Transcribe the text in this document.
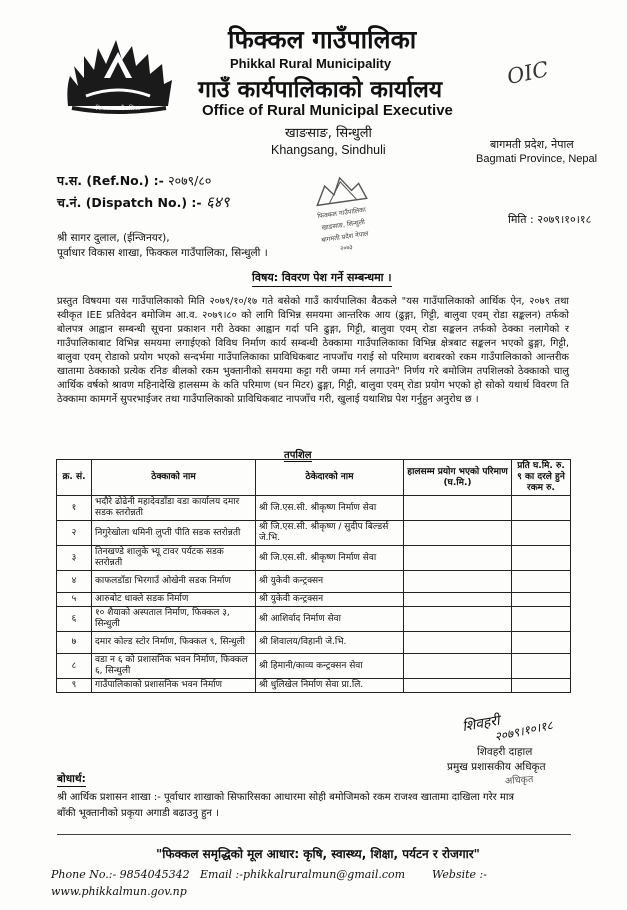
फिक्कल गाउँपालिका
फिक्कल गाउँपालिका
Phikkal Rural Municipality
गाउँ कार्यपालिकाको कार्यालय
Office of Rural Municipal Executive
खाङसाङ, सिन्धुली
Khangsang, Sindhuli	बागमती प्रदेश, नेपाल
Bagmati Province, Nepal
OIC
प.स. (Ref.No.) :- २०७९/८०
च.नं. (Dispatch No.) :- ६४९
फिक्कल गाउँपालिका
खाङसाङ, सिन्धुली
बागमती प्रदेश नेपाल
२०७३
मिति : २०७९।१०।१८
श्री सागर दुलाल, (ईन्जिनयर),
पूर्वाधार विकास शाखा, फिक्कल गाउँपालिका, सिन्धुली ।
विषय: विवरण पेश गर्ने सम्बन्धमा ।

प्रस्तुत विषयमा यस गाउँपालिकाको मिति २०७९/१०/१७ गते बसेको गाउँ कार्यपालिका बैठकले "यस गाउँपालिकाको आर्थिक ऐन, २०७९ तथा स्वीकृत IEE प्रतिवेदन बमोजिम आ.व. २०७९।८० को लागि विभिन्न समयमा आन्तरिक आय (ढुङ्गा, गिट्टी, बालुवा एवम् रोडा सङ्कलन) तर्फको बोलपत्र आह्वान सम्बन्धी सूचना प्रकाशन गरी ठेक्का आह्वान गर्दा पनि ढुङ्गा, गिट्टी, बालुवा एवम् रोडा सङ्कलन तर्फको ठेक्का नलागेको र गाउँपालिकाबाट विभिन्न समयमा लगाईएको विविध निर्माण कार्य सम्बन्धी ठेक्कामा गाउँपालिकाका विभिन्न क्षेत्रबाट सङ्कलन भएको ढुङ्गा, गिट्टी, बालुवा एवम् रोडाको प्रयोग भएको सन्दर्भमा गाउँपालिकाका प्राविधिकबाट नापजाँच गराई सो परिमाण बराबरको रकम गाउँपालिकाको आन्तरीक खातामा ठेक्काको प्रत्येक रनिङ बीलको रकम भुक्तानीको समयमा कट्टा गरी जम्मा गर्न लगाउने" निर्णय गरे बमोजिम तपशिलको ठेक्काको चालु आर्थिक वर्षको श्रावण महिनादेखि हालसम्म के कति परिमाण (घन मिटर) ढुङ्गा, गिट्टी, बालुवा एवम् रोडा प्रयोग भएको हो सोको यथार्थ विवरण ति ठेक्कामा कामगर्ने सुपरभाईजर तथा गाउँपालिकाको प्राविधिकबाट नापजाँच गरी, खुलाई यथाशिघ्र पेश गर्नुहुन अनुरोध छ ।

तपशिल
क्र. सं.	ठेक्काको नाम	ठेकेदारको नाम	हालसम्म प्रयोग भएको परिमाण (घ.मि.)	प्रति घ.मि. रु. ९ का दरले हुने रकम रु.
१	भदौरे ढोढेनी महादेवडाँडा वडा कार्यालय दमार सडक स्तरोन्नती	श्री जि.एस.सी. श्रीकृष्ण निर्माण सेवा		
२	निगुरेखोला धमिनी लुप्ती पीति सडक स्तरोन्नती	श्री जि.एस.सी. श्रीकृष्ण / सुदीप बिल्डर्स जे.भि.		
३	तिनखण्डे शालुके भ्यू टावर पर्यटक सडक स्तरोन्नती	श्री जि.एस.सी. श्रीकृष्ण निर्माण सेवा		
४	काफलडाँडा भिरगाउँ ओखेनी सडक निर्माण	श्री युकेवी कन्ट्रक्सन		
५	आरुबोट धाक्ले सडक निर्माण	श्री युकेवी कन्ट्रक्सन		
६	१० शैयाको अस्पताल निर्माण, फिक्कल ३, सिन्धुली	श्री आशिर्वाद निर्माण सेवा		
७	दमार कोल्ड स्टोर निर्माण, फिक्कल ९, सिन्धुली	श्री शिवालय/विहानी जे.भि.		
८	वडा न ६ को प्रशासनिक भवन निर्माण, फिक्कल ६, सिन्धुली	श्री हिमानी/काव्य कन्ट्रक्सन सेवा		
९	गाउँपालिकाको प्रशासनिक भवन निर्माण	श्री धुलिखेल निर्माण सेवा प्रा.लि.		
शिवहरी
२०७९।१०।१८
शिवहरी दाहाल
प्रमुख प्रशासकीय अधिकृत
अधिकृत
बोधार्थ:
श्री आर्थिक प्रशासन शाखा :- पूर्वाधार शाखाको सिफारिसका आधारमा सोही बमोजिमको रकम राजश्व खातामा दाखिला गरेर मात्र
बाँकी भूक्तानीको प्रकृया अगाडी बढाउनु हुन ।
"फिक्कल समृद्धिको मूल आधार: कृषि, स्वास्थ्य, शिक्षा, पर्यटन र रोजगार"
Phone No.:- 9854045342 Email :-phikkalruralmun@gmail.com Website :-
www.phikkalmun.gov.np
